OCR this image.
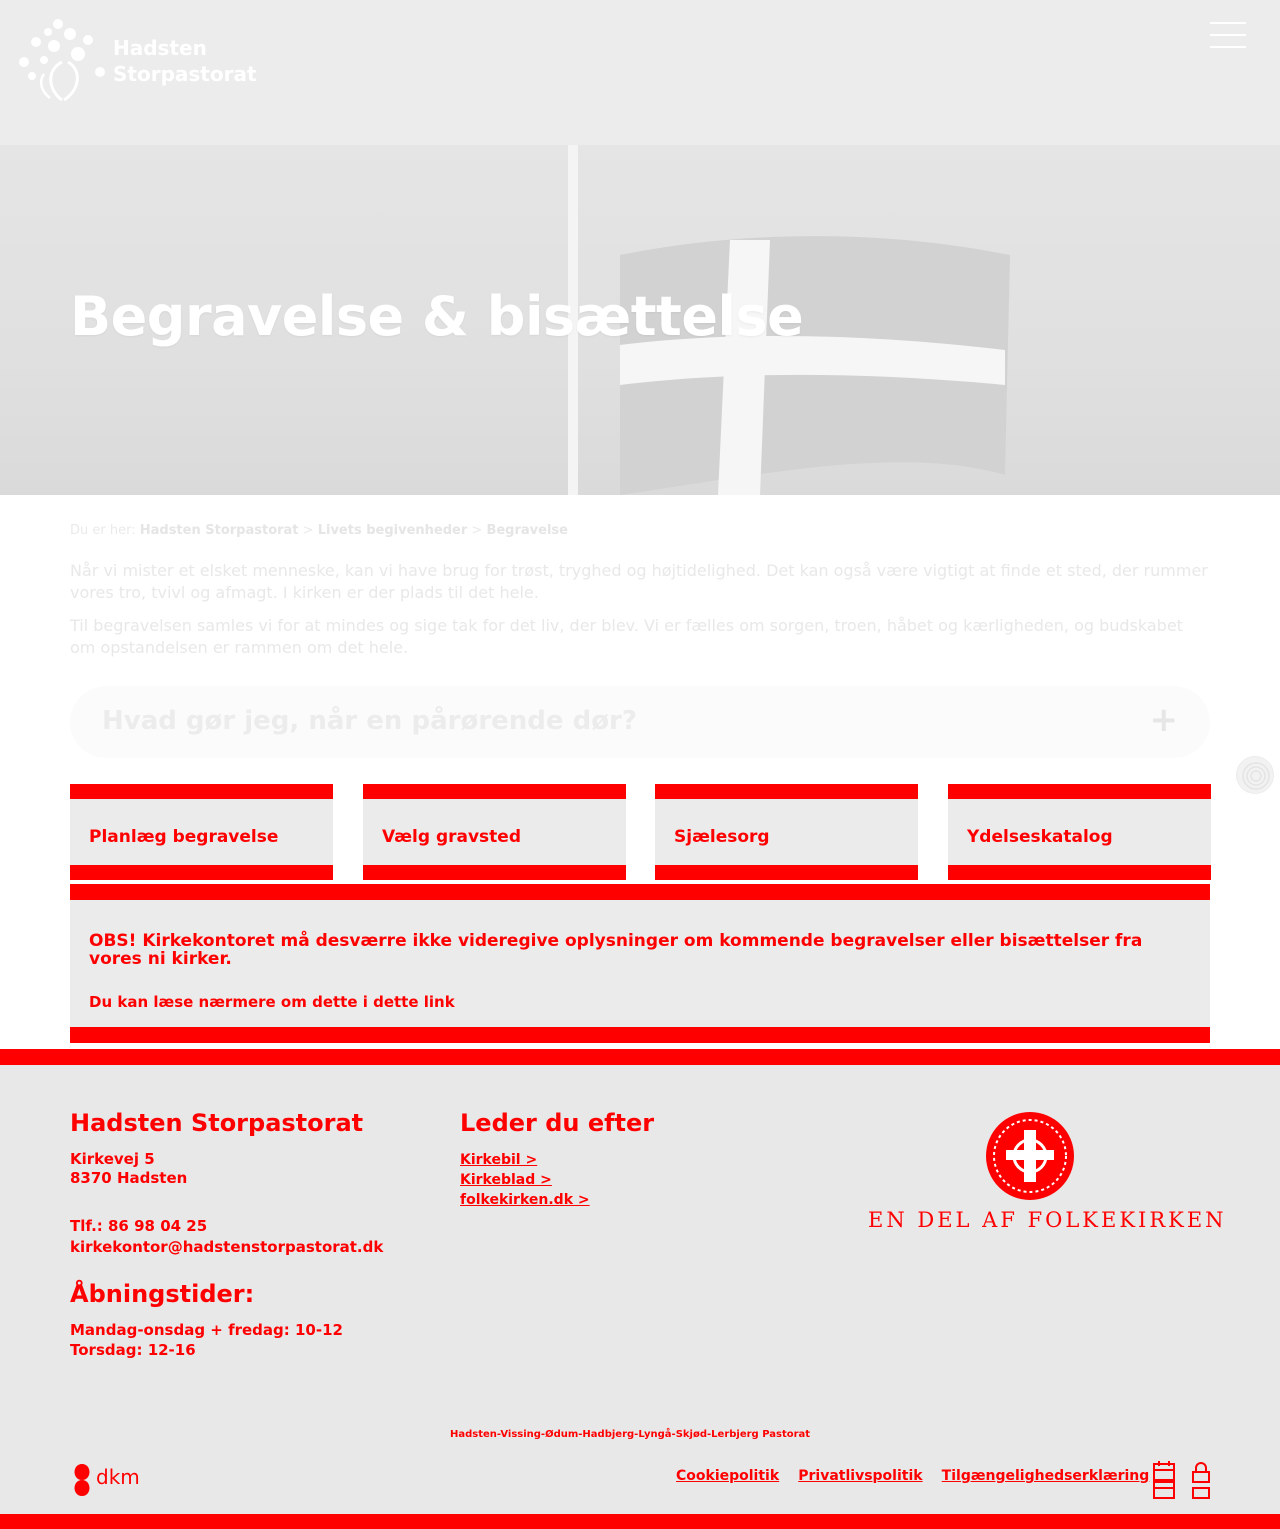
Hadsten
Storpastorat
Begravelse & bisættelse
Du er her: Hadsten Storpastorat > Livets begivenheder > Begravelse

Når vi mister et elsket menneske, kan vi have brug for trøst, tryghed og højtidelighed. Det kan også være vigtigt at finde et sted, der rummer vores tro, tvivl og afmagt. I kirken er der plads til det hele.

Til begravelsen samles vi for at mindes og sige tak for det liv, der blev. Vi er fælles om sorgen, troen, håbet og kærligheden, og budskabet om opstandelsen er rammen om det hele.

Hvad gør jeg, når en pårørende dør?	+
Planlæg begravelse	Vælg gravsted	Sjælesorg	Ydelseskatalog
OBS! Kirkekontoret må desværre ikke videregive oplysninger om kommende begravelser eller bisættelser fra vores ni kirker.
Du kan læse nærmere om dette i dette link
Hadsten Storpastorat
Kirkevej 5
8370 Hadsten
Tlf.: 86 98 04 25
kirkekontor@hadstenstorpastorat.dk
Åbningstider:
Mandag-onsdag + fredag: 10-12
Torsdag: 12-16
Leder du efter
Kirkebil >
Kirkeblad >
folkekirken.dk >
EN DEL AF FOLKEKIRKEN
Hadsten-Vissing-Ødum-Hadbjerg-Lyngå-Skjød-Lerbjerg Pastorat
dkm	Cookiepolitik Privatlivspolitik Tilgængelighedserklæring
